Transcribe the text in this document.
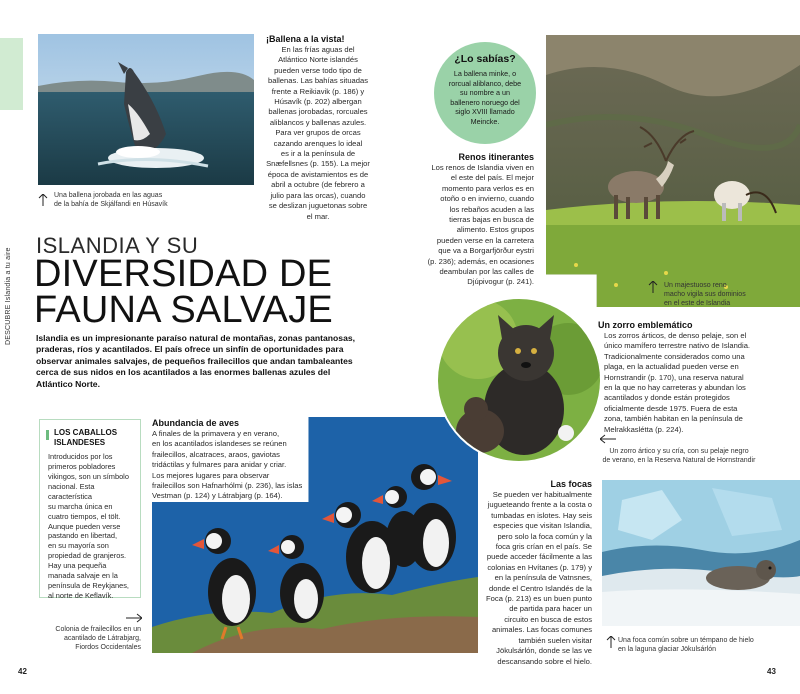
DESCUBRE Islandia a tu aire
Una ballena jorobada en las aguas
de la bahía de Skjálfandi en Húsavík
¡Ballena a la vista!

En las frías aguas del
Atlántico Norte islandés
pueden verse todo tipo de
ballenas. Las bahías situadas
frente a Reikiavik (p. 186) y
Húsavík (p. 202) albergan
ballenas jorobadas, rorcuales
aliblancos y ballenas azules.
Para ver grupos de orcas
cazando arenques lo ideal
es ir a la península de
Snæfellsnes (p. 155). La mejor
época de avistamientos es de
abril a octubre (de febrero a
julio para las orcas), cuando
se deslizan juguetonas sobre
el mar.

ISLANDIA Y SU
DIVERSIDAD DE
FAUNA SALVAJE
Islandia es un impresionante paraíso natural de montañas, zonas pantanosas, praderas, ríos y acantilados. El país ofrece un sinfín de oportunidades para observar animales salvajes, de pequeños frailecillos que andan tambaleantes cerca de sus nidos en los acantilados a las enormes ballenas azules del Atlántico Norte.
LOS CABALLOS
ISLANDESES

Introducidos por los
primeros pobladores
vikingos, son un símbolo
nacional. Esta característica
su marcha única en
cuatro tiempos, el tölt.
Aunque pueden verse
pastando en libertad,
en su mayoría son
propiedad de granjeros.
Hay una pequeña
manada salvaje en la
península de Reykjanes,
al norte de Keflavík.

Colonia de frailecillos en un
acantilado de Látrabjarg,
Fiordos Occidentales
Abundancia de aves

A finales de la primavera y en verano,
en los acantilados islandeses se reúnen
frailecillos, alcatraces, araos, gaviotas
tridáctilas y fulmares para anidar y criar.
Los mejores lugares para observar
frailecillos son Hafnarhólmi (p. 236), las islas
Vestman (p. 124) y Látrabjarg (p. 164).

42	43
¿Lo sabías?
La ballena minke, o
rorcual aliblanco, debe
su nombre a un
ballenero noruego del
siglo XVIII llamado
Meincke.
Un majestuoso reno
macho vigila sus dominios
en el este de Islandia
Renos itinerantes

Los renos de Islandia viven en
el este del país. El mejor
momento para verlos es en
otoño o en invierno, cuando
los rebaños acuden a las
tierras bajas en busca de
alimento. Estos grupos
pueden verse en la carretera
que va a Borgarfjörður eystri
(p. 236); además, en ocasiones
deambulan por las calles de
Djúpivogur (p. 241).

Un zorro ártico y su cría, con su pelaje negro
de verano, en la Reserva Natural de Hornstrandir
Un zorro emblemático

Los zorros árticos, de denso pelaje, son el
único mamífero terrestre nativo de Islandia.
Tradicionalmente considerados como una
plaga, en la actualidad pueden verse en
Hornstrandir (p. 170), una reserva natural
en la que no hay carreteras y abundan los
acantilados y donde están protegidos
oficialmente desde 1975. Fuera de esta
zona, también habitan en la península de
Melrakkaslétta (p. 224).

Las focas

Se pueden ver habitualmente
jugueteando frente a la costa o
tumbadas en islotes. Hay seis
especies que visitan Islandia,
pero solo la foca común y la
foca gris crían en el país. Se
puede acceder fácilmente a las
colonias en Hvítanes (p. 179) y
en la península de Vatnsnes,
donde el Centro Islandés de la
Foca (p. 213) es un buen punto
de partida para hacer un
circuito en busca de estos
animales. Las focas comunes
también suelen visitar
Jökulsárlón, donde se las ve
descansando sobre el hielo.

Una foca común sobre un témpano de hielo
en la laguna glaciar Jökulsárlón
